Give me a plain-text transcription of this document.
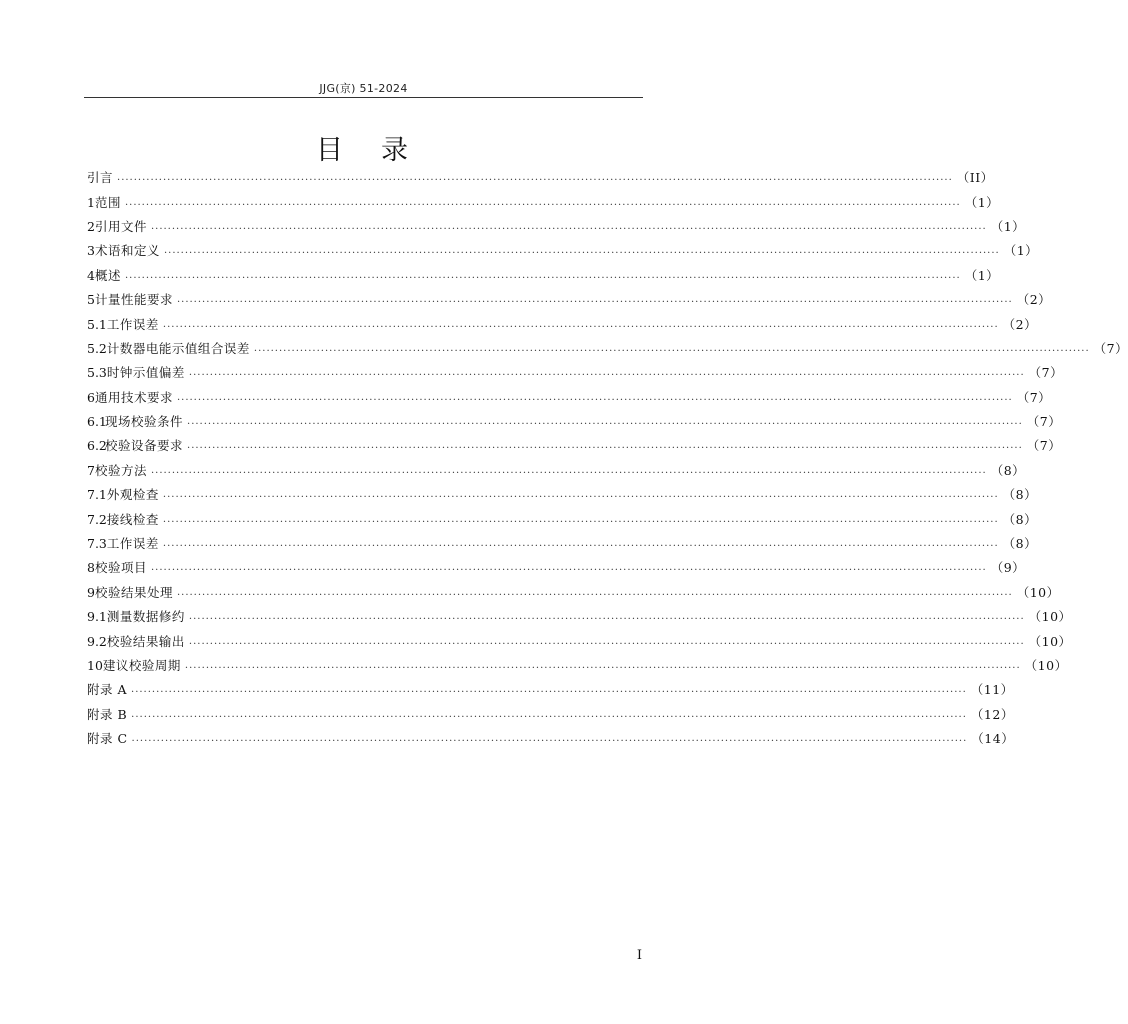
JJG(京) 51-2024
目 录
引言 ........................................................................................................................................................................................................ （II）
1 范围 ........................................................................................................................................................................................................ （1）
2 引用文件 ........................................................................................................................................................................................................ （1）
3 术语和定义 ........................................................................................................................................................................................................ （1）
4 概述 ........................................................................................................................................................................................................ （1）
5 计量性能要求 ........................................................................................................................................................................................................ （2）
5.1 工作误差 ........................................................................................................................................................................................................ （2）
5.2 计数器电能示值组合误差 ........................................................................................................................................................................................................ （7）
5.3 时钟示值偏差 ........................................................................................................................................................................................................ （7）
6 通用技术要求 ........................................................................................................................................................................................................ （7）
6.1
现场校验条件 ........................................................................................................................................................................................................ （7）
6.2
校验设备要求 ........................................................................................................................................................................................................ （7）
7 校验方法 ........................................................................................................................................................................................................ （8）
7.1 外观检查 ........................................................................................................................................................................................................ （8）
7.2 接线检查 ........................................................................................................................................................................................................ （8）
7.3 工作误差 ........................................................................................................................................................................................................ （8）
8 校验项目 ........................................................................................................................................................................................................ （9）
9 校验结果处理 ........................................................................................................................................................................................................ （10）
9.1 测量数据修约 ........................................................................................................................................................................................................ （10）
9.2 校验结果输出 ........................................................................................................................................................................................................ （10）
10 建议校验周期 ........................................................................................................................................................................................................ （10）
附录 A ........................................................................................................................................................................................................ （11）
附录 B ........................................................................................................................................................................................................ （12）
附录 C ........................................................................................................................................................................................................ （14）
I
